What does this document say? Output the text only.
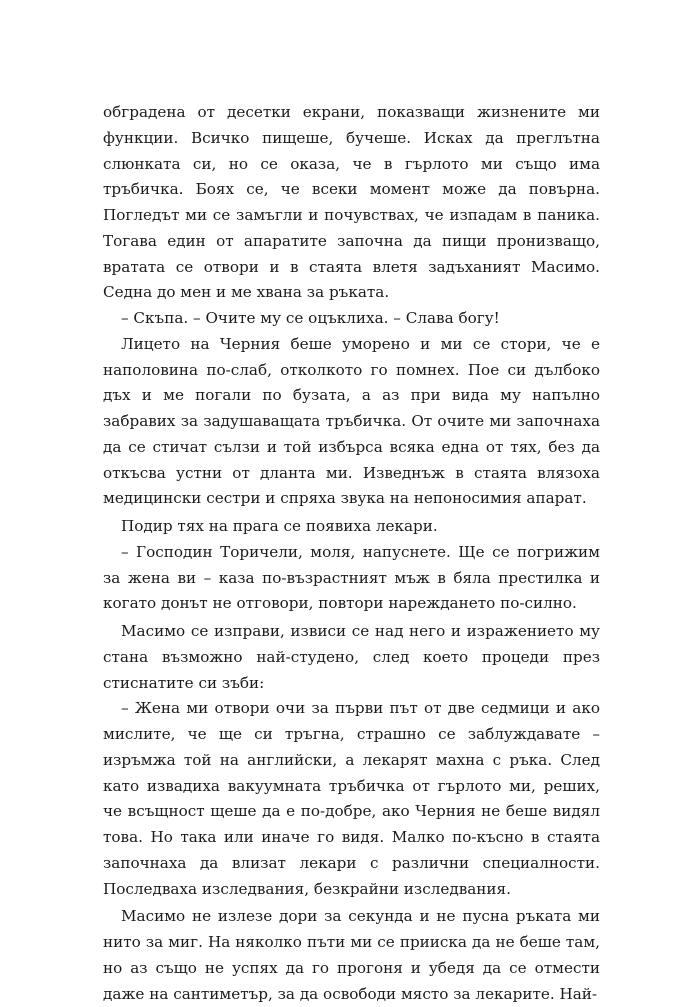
обградена от десетки екрани, показващи жизнените ми функции. Всичко пищеше, бучеше. Исках да преглътна слюнката си, но се оказа, че в гърлото ми също има тръбичка. Боях се, че всеки момент може да повърна. Погледът ми се замъгли и почувствах, че изпадам в паника. Тогава един от апаратите започна да пищи пронизващо, вратата се отвори и в стаята влетя задъханият Масимо. Седна до мен и ме хвана за ръката.

– Скъпа. – Очите му се оцъклиха. – Слава богу!

Лицето на Черния беше уморено и ми се стори, че е наполовина по-слаб, отколкото го помнех. Пое си дълбоко дъх и ме погали по бузата, а аз при вида му напълно забравих за задушаващата тръбичка. От очите ми започнаха да се стичат сълзи и той избърса всяка една от тях, без да откъсва устни от дланта ми. Изведнъж в стаята влязоха медицински сестри и спряха звука на непоносимия апарат.

Подир тях на прага се появиха лекари.

– Господин Торичели, моля, напуснете. Ще се погрижим за жена ви – каза по-възрастният мъж в бяла престилка и когато донът не отговори, повтори нареждането по-силно.

Масимо се изправи, извиси се над него и изражението му стана възможно най-студено, след което процеди през стиснатите си зъби:

– Жена ми отвори очи за първи път от две седмици и ако мислите, че ще си тръгна, страшно се заблуждавате – изръмжа той на английски, а лекарят махна с ръка. След като извадиха вакуумната тръбичка от гърлото ми, реших, че всъщност щеше да е по-добре, ако Черния не беше видял това. Но така или иначе го видя. Малко по-късно в стаята започнаха да влизат лекари с различни специалности. Последваха изследвания, безкрайни изследвания.

Масимо не излезе дори за секунда и не пусна ръката ми нито за миг. На няколко пъти ми се прииска да не беше там, но аз също не успях да го прогоня и убедя да се отмести даже на сантиметър, за да освободи място за лекарите. Най-
